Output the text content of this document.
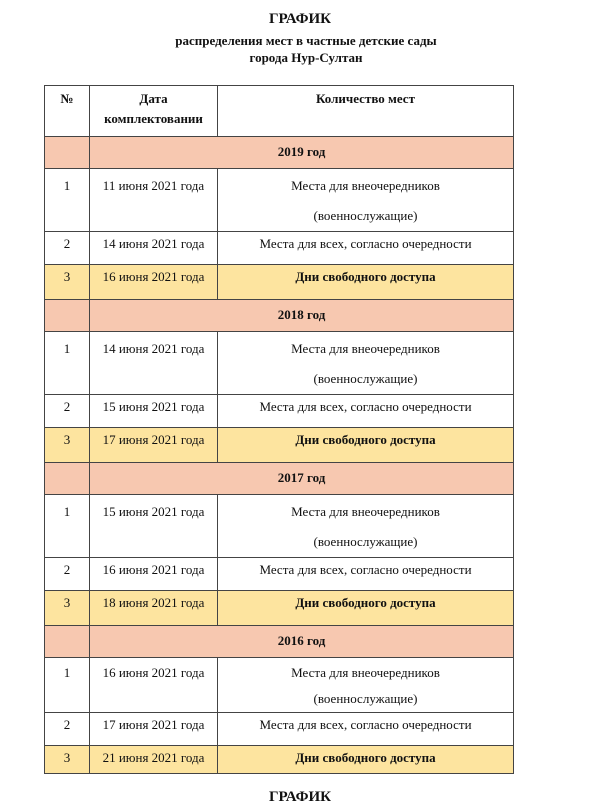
ГРАФИК

распределения мест в частные детские сады

города Нур-Султан

№	Дата комплектовании	Количество мест
	2019 год	
1	11 июня 2021 года	Места для внеочередников
(военнослужащие)

2	14 июня 2021 года	Места для всех, согласно очередности
3	16 июня 2021 года	Дни свободного доступа
	2018 год	
1	14 июня 2021 года	Места для внеочередников
(военнослужащие)

2	15 июня 2021 года	Места для всех, согласно очередности
3	17 июня 2021 года	Дни свободного доступа
	2017 год	
1	15 июня 2021 года	Места для внеочередников
(военнослужащие)

2	16 июня 2021 года	Места для всех, согласно очередности
3	18 июня 2021 года	Дни свободного доступа
	2016 год	
1	16 июня 2021 года	Места для внеочередников
(военнослужащие)

2	17 июня 2021 года	Места для всех, согласно очередности
3	21 июня 2021 года	Дни свободного доступа

ГРАФИК
